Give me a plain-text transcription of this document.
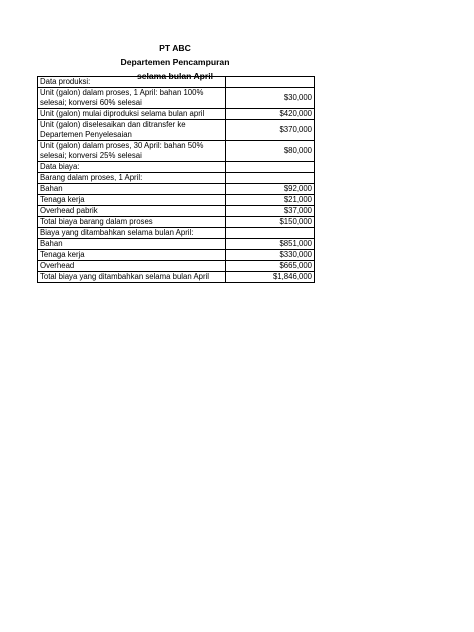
PT ABC
Departemen Pencampuran
selama bulan April
Data produksi:	
Unit (galon) dalam proses, 1 April: bahan 100% selesai; konversi 60% selesai	$30,000
Unit (galon) mulai diproduksi selama bulan april	$420,000
Unit (galon) diselesaikan dan ditransfer ke Departemen Penyelesaian	$370,000
Unit (galon) dalam proses, 30 April: bahan 50% selesai; konversi 25% selesai	$80,000
Data biaya:	
Barang dalam proses, 1 April:	
Bahan	$92,000
Tenaga kerja	$21,000
Overhead pabrik	$37,000
Total biaya barang dalam proses	$150,000
Biaya yang ditambahkan selama bulan April:	
Bahan	$851,000
Tenaga kerja	$330,000
Overhead	$665,000
Total biaya yang ditambahkan selama bulan April	$1,846,000
